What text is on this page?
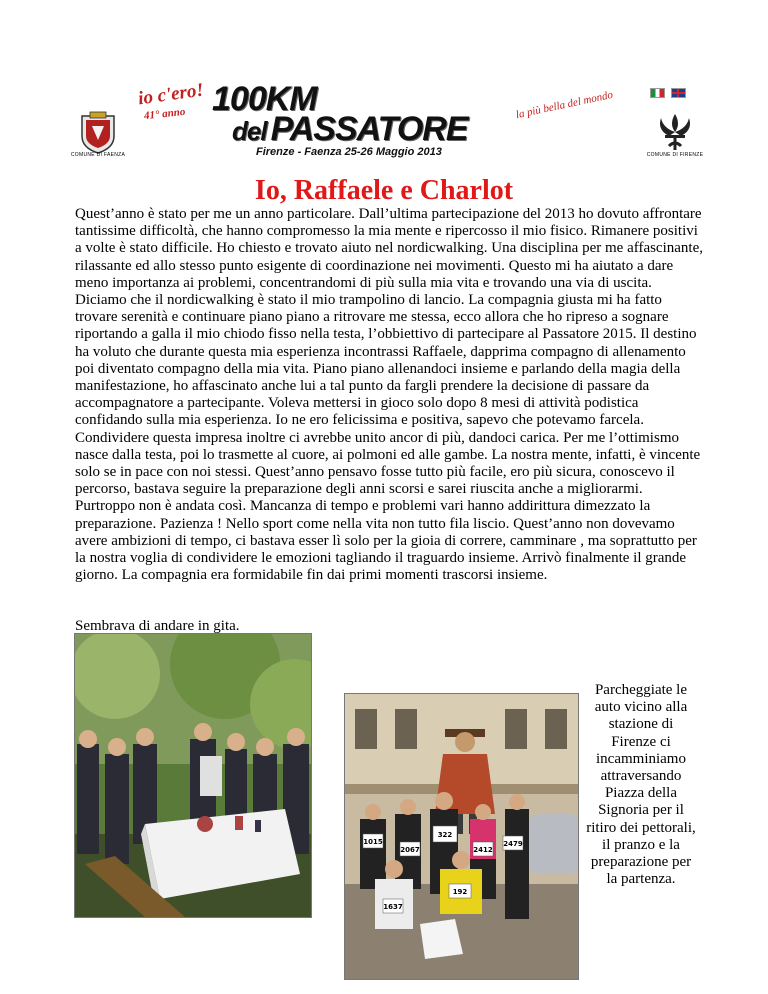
COMUNE DI FAENZA
io c'ero!
41° anno 100KM
del PASSATORE
Firenze - Faenza 25-26 Maggio 2013
la più bella del mondo
COMUNE DI FIRENZE
Io, Raffaele e Charlot
Quest’anno è stato per me un anno particolare. Dall’ultima partecipazione del 2013 ho dovuto affrontare tantissime difficoltà, che hanno compromesso la mia mente e ripercosso il mio fisico. Rimanere positivi a volte è stato difficile. Ho chiesto e trovato aiuto nel nordicwalking. Una disciplina per me affascinante, rilassante ed allo stesso punto esigente di coordinazione nei movimenti. Questo mi ha aiutato a dare meno importanza ai problemi, concentrandomi di più sulla mia vita e trovando una via di uscita. Diciamo che il nordicwalking è stato il mio trampolino di lancio. La compagnia giusta mi ha fatto trovare serenità e continuare piano piano a ritrovare me stessa, ecco allora che ho ripreso a sognare riportando a galla il mio chiodo fisso nella testa, l’obbiettivo di partecipare al Passatore 2015. Il destino ha voluto che durante questa mia esperienza incontrassi Raffaele, dapprima compagno di allenamento poi diventato compagno della mia vita. Piano piano allenandoci insieme e parlando della magia della manifestazione, ho affascinato anche lui a tal punto da fargli prendere la decisione di passare da accompagnatore a partecipante. Voleva mettersi in gioco solo dopo 8 mesi di attività podistica confidando sulla mia esperienza. Io ne ero felicissima e positiva, sapevo che potevamo farcela. Condividere questa impresa inoltre ci avrebbe unito ancor di più, dandoci carica. Per me l’ottimismo nasce dalla testa, poi lo trasmette al cuore, ai polmoni ed alle gambe. La nostra mente, infatti, è vincente solo se in pace con noi stessi. Quest’anno pensavo fosse tutto più facile, ero più sicura, conoscevo il percorso, bastava seguire la preparazione degli anni scorsi e sarei riuscita anche a migliorarmi. Purtroppo non è andata così. Mancanza di tempo e problemi vari hanno addirittura dimezzato la preparazione. Pazienza ! Nello sport come nella vita non tutto fila liscio. Quest’anno non dovevamo avere ambizioni di tempo, ci bastava esser lì solo per la gioia di correre, camminare , ma soprattutto per la nostra voglia di condividere le emozioni tagliando il traguardo insieme. Arrivò finalmente il grande giorno. La compagnia era formidabile fin dai primi momenti trascorsi insieme.
Sembrava di andare in gita.
1015
2067
322
2412
2479
1637
192
Parcheggiate le auto vicino alla stazione di Firenze ci incamminiamo attraversando Piazza della Signoria per il ritiro dei pettorali, il pranzo e la preparazione per la partenza.
